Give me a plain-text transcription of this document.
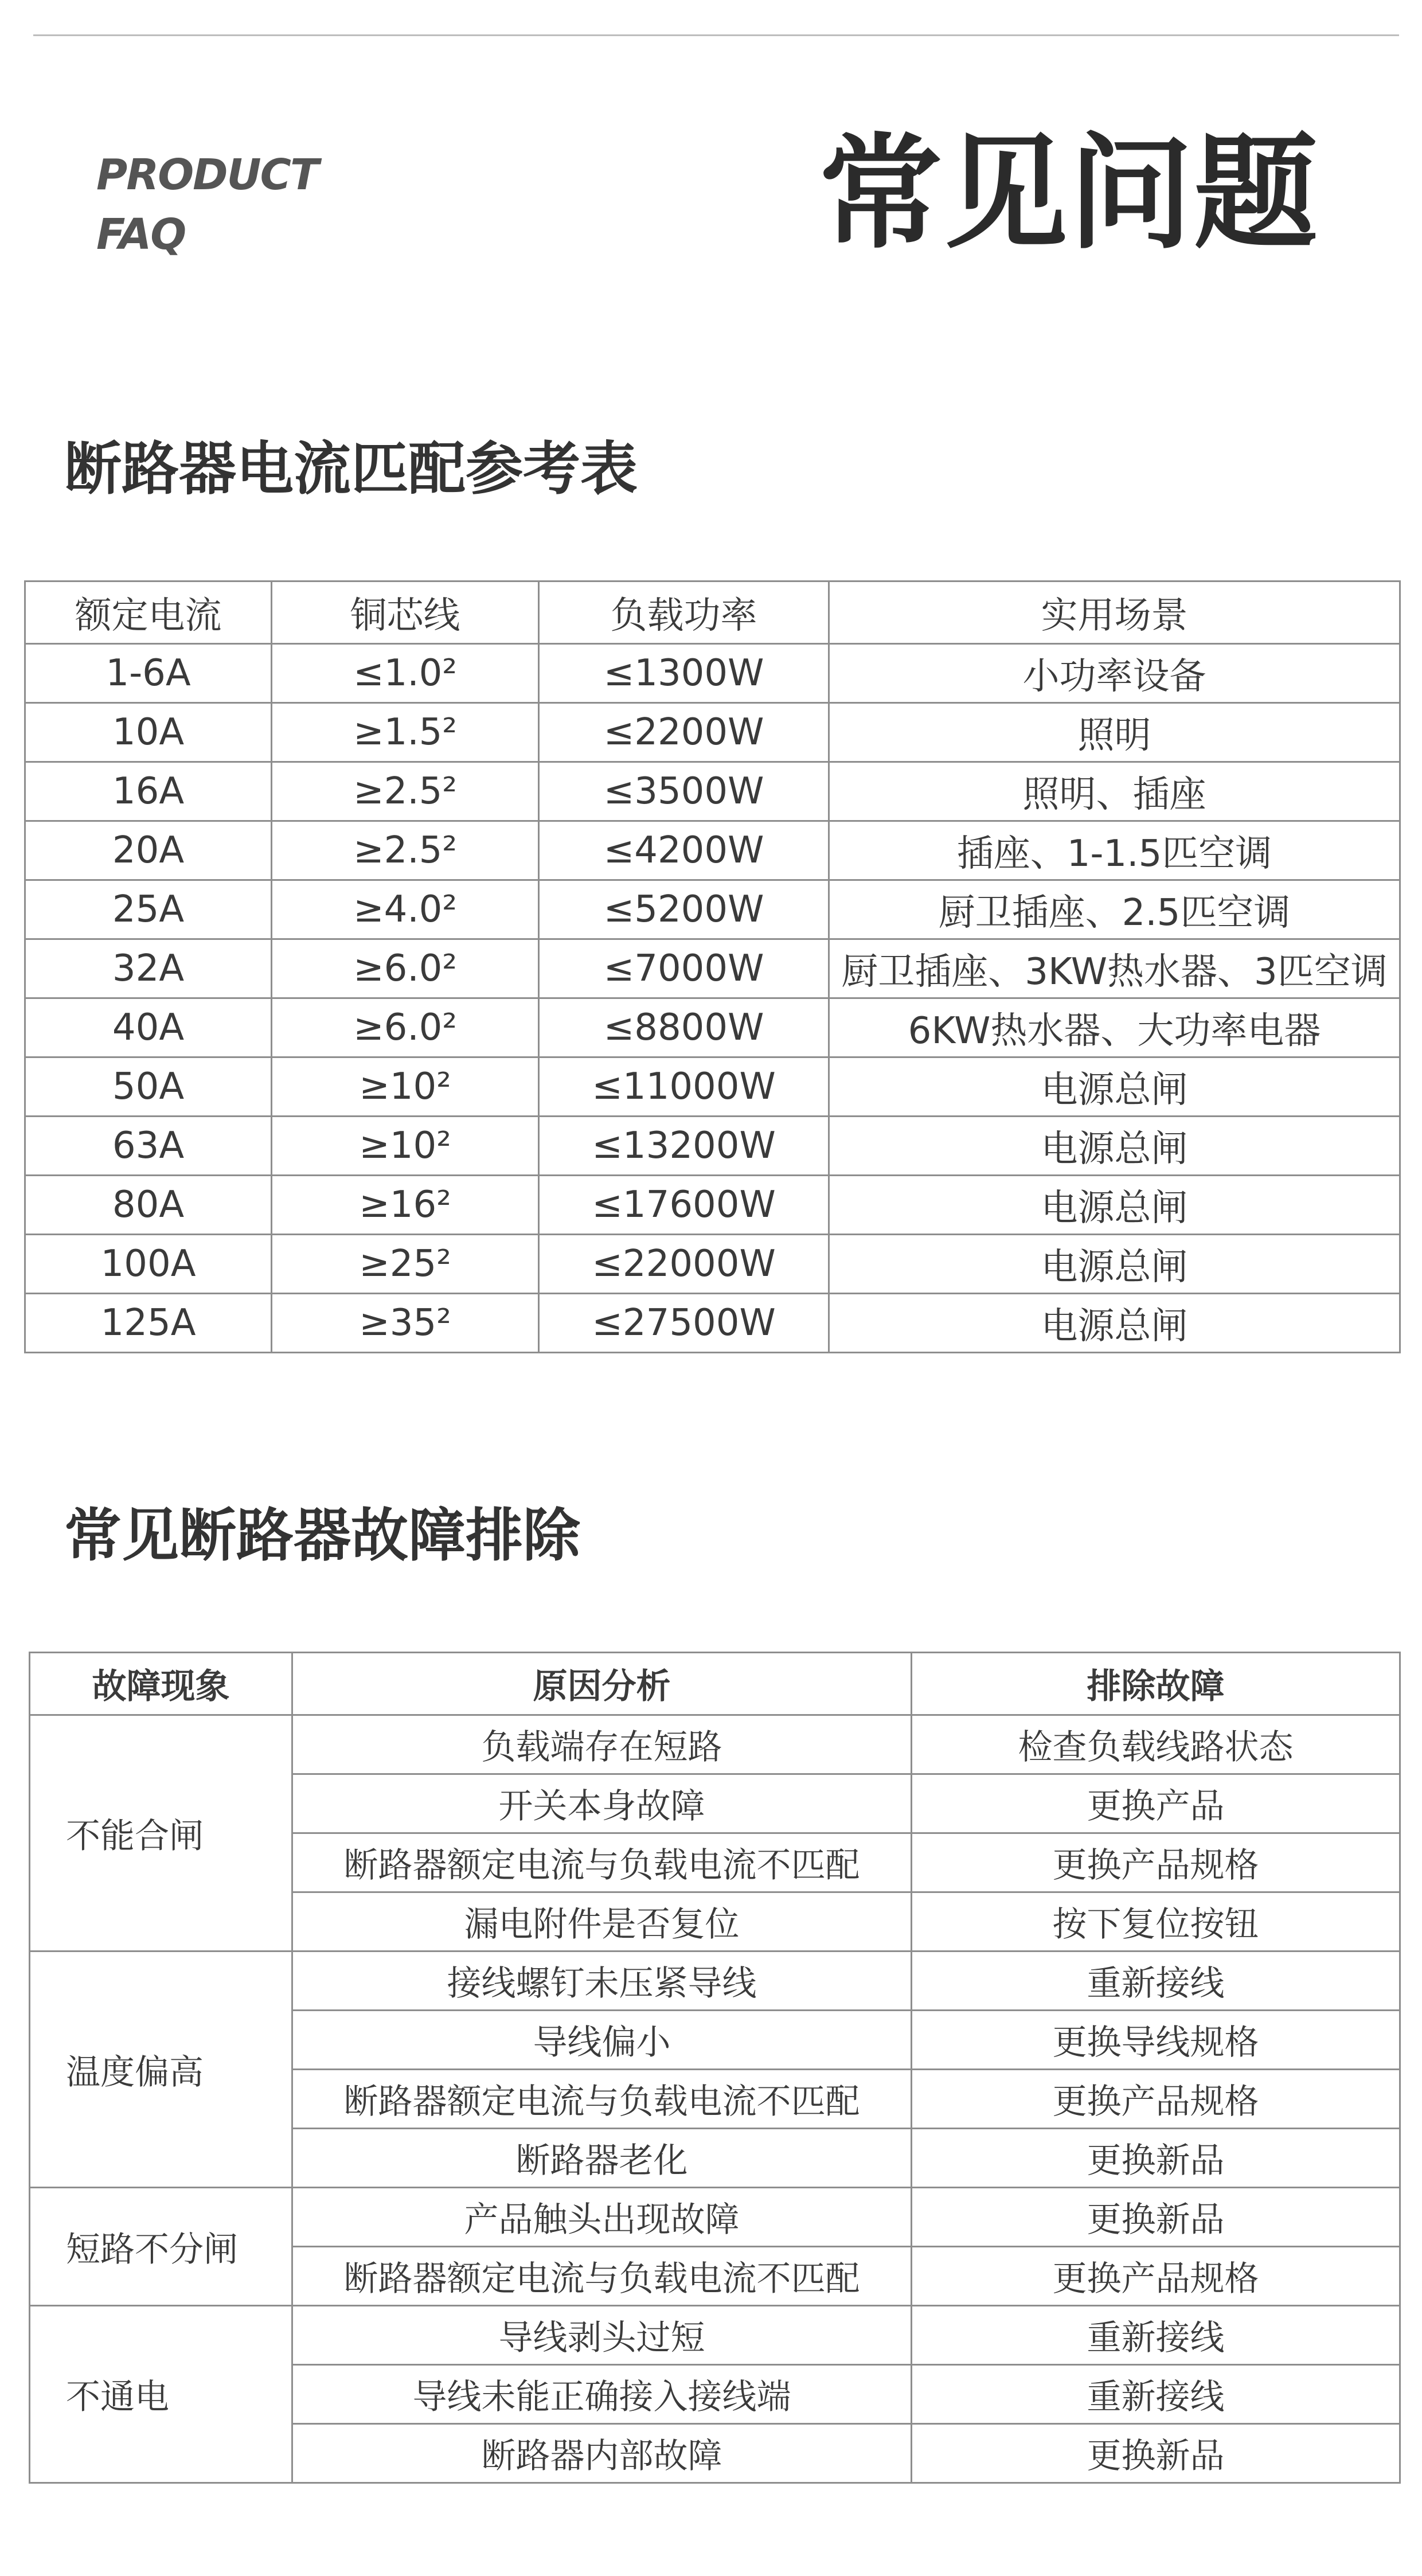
PRODUCT
FAQ	常见问题
断路器电流匹配参考表
额定电流	铜芯线	负载功率	实用场景
1-6A	≤1.0²	≤1300W	小功率设备
10A	≥1.5²	≤2200W	照明
16A	≥2.5²	≤3500W	照明、插座
20A	≥2.5²	≤4200W	插座、1-1.5匹空调
25A	≥4.0²	≤5200W	厨卫插座、2.5匹空调
32A	≥6.0²	≤7000W	厨卫插座、3KW热水器、3匹空调
40A	≥6.0²	≤8800W	6KW热水器、大功率电器
50A	≥10²	≤11000W	电源总闸
63A	≥10²	≤13200W	电源总闸
80A	≥16²	≤17600W	电源总闸
100A	≥25²	≤22000W	电源总闸
125A	≥35²	≤27500W	电源总闸
常见断路器故障排除
故障现象	原因分析	排除故障
不能合闸	负载端存在短路	检查负载线路状态
	开关本身故障	更换产品
	断路器额定电流与负载电流不匹配	更换产品规格
	漏电附件是否复位	按下复位按钮
温度偏高	接线螺钉未压紧导线	重新接线
	导线偏小	更换导线规格
	断路器额定电流与负载电流不匹配	更换产品规格
	断路器老化	更换新品
短路不分闸	产品触头出现故障	更换新品
	断路器额定电流与负载电流不匹配	更换产品规格
不通电	导线剥头过短	重新接线
	导线未能正确接入接线端	重新接线
	断路器内部故障	更换新品
